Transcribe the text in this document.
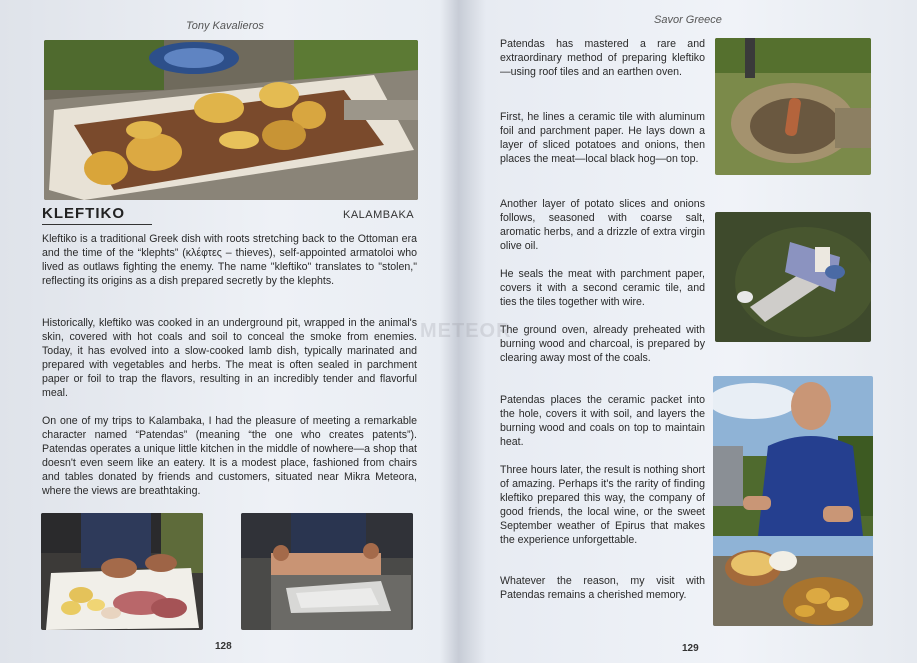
Tony Kavalieros
KLEFTIKO	KALAMBAKA

Kleftiko is a traditional Greek dish with roots stretching back to the Ottoman era and the time of the “klephts” (κλέφτες – thieves), self-appointed armatoloi who lived as outlaws fighting the enemy. The name "kleftiko" translates to "stolen," reflecting its origins as a dish prepared secretly by the klephts.

Historically, kleftiko was cooked in an underground pit, wrapped in the animal's skin, covered with hot coals and soil to conceal the smoke from enemies. Today, it has evolved into a slow-cooked lamb dish, typically marinated and prepared with vegetables and herbs. The meat is often sealed in parchment paper or foil to trap the flavors, resulting in an incredibly tender and flavorful meal.

On one of my trips to Kalambaka, I had the pleasure of meeting a remarkable character named “Patendas” (meaning “the one who creates patents”). Patendas operates a unique little kitchen in the middle of nowhere—a shop that doesn't even seem like an eatery. It is a modest place, fashioned from chairs and tables donated by friends and customers, situated near Mikra Meteora, where the views are breathtaking.

128
METEOR
Savor Greece

Patendas has mastered a rare and extraordinary method of preparing kleftiko—using roof tiles and an earthen oven.

First, he lines a ceramic tile with aluminum foil and parchment paper. He lays down a layer of sliced potatoes and onions, then places the meat—local black hog—on top.

Another layer of potato slices and onions follows, seasoned with coarse salt, aromatic herbs, and a drizzle of extra virgin olive oil.

He seals the meat with parchment paper, covers it with a second ceramic tile, and ties the tiles together with wire.

The ground oven, already preheated with burning wood and charcoal, is prepared by clearing away most of the coals.

Patendas places the ceramic packet into the hole, covers it with soil, and layers the burning wood and coals on top to maintain heat.

Three hours later, the result is nothing short of amazing. Perhaps it's the rarity of finding kleftiko prepared this way, the company of good friends, the local wine, or the sweet September weather of Epirus that makes the experience unforgettable.

Whatever the reason, my visit with Patendas remains a cherished memory.

129
